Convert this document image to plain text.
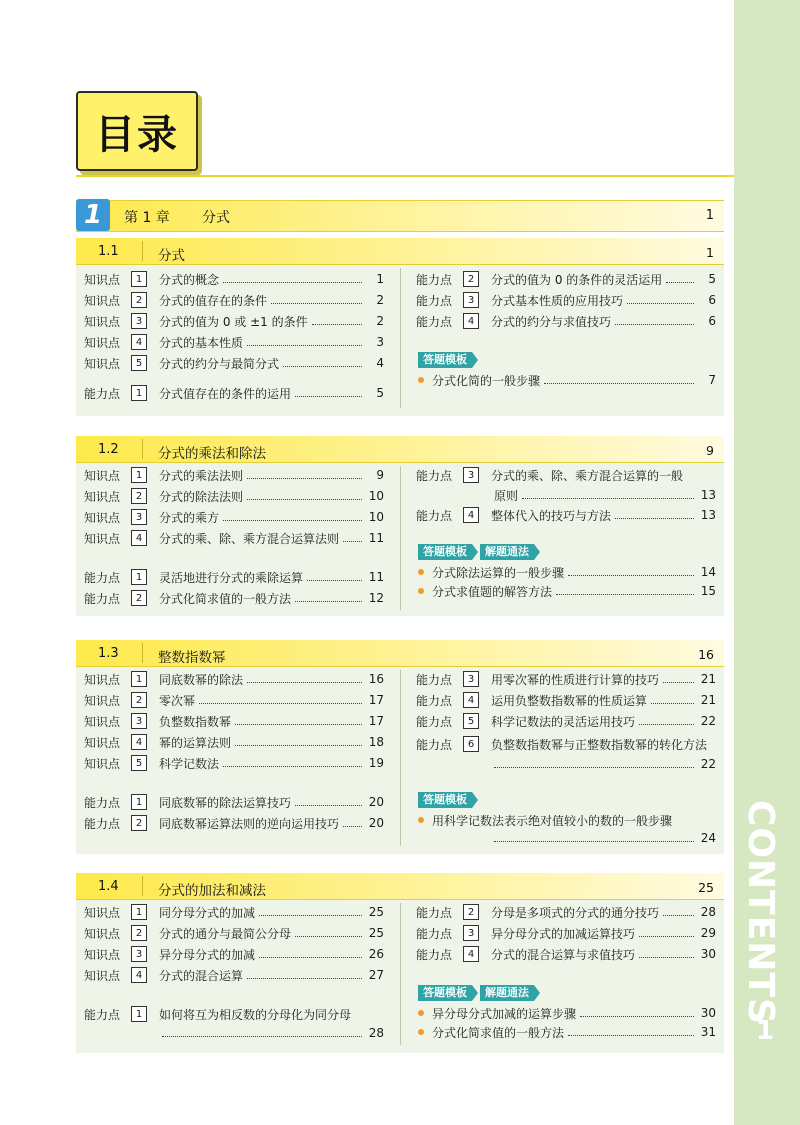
CONTENTS
1
目录
1	第 1 章 分式	1
1.1	分式	1
知识点	1	分式的概念	1
知识点	2	分式的值存在的条件	2
知识点	3	分式的值为 0 或 ±1 的条件	2
知识点	4	分式的基本性质	3
知识点	5	分式的约分与最简分式	4
能力点	1	分式值存在的条件的运用	5
能力点	2	分式的值为 0 的条件的灵活运用	5
能力点	3	分式基本性质的应用技巧	6
能力点	4	分式的约分与求值技巧	6
答题模板
分式化简的一般步骤	7
1.2	分式的乘法和除法	9
知识点	1	分式的乘法法则	9
知识点	2	分式的除法法则	10
知识点	3	分式的乘方	10
知识点	4	分式的乘、除、乘方混合运算法则 11
能力点	1	灵活地进行分式的乘除运算	11
能力点	2	分式化简求值的一般方法	12
能力点	3	分式的乘、除、乘方混合运算的一般
原则	13
能力点	4	整体代入的技巧与方法	13
答题模板	解题通法
分式除法运算的一般步骤	14
分式求值题的解答方法	15
1.3	整数指数幂	16
知识点	1	同底数幂的除法	16
知识点	2	零次幂	17
知识点	3	负整数指数幂	17
知识点	4	幂的运算法则	18
知识点	5	科学记数法	19
能力点	1	同底数幂的除法运算技巧	20
能力点	2	同底数幂运算法则的逆向运用技巧 20
能力点	3	用零次幂的性质进行计算的技巧	21
能力点	4	运用负整数指数幂的性质运算	21
能力点	5	科学记数法的灵活运用技巧	22
能力点	6	负整数指数幂与正整数指数幂的转化方法
22
答题模板
用科学记数法表示绝对值较小的数的一般步骤
24
1.4	分式的加法和减法	25
知识点	1	同分母分式的加减	25
知识点	2	分式的通分与最简公分母	25
知识点	3	异分母分式的加减	26
知识点	4	分式的混合运算	27
能力点	1	如何将互为相反数的分母化为同分母
28
能力点	2	分母是多项式的分式的通分技巧	28
能力点	3	异分母分式的加减运算技巧	29
能力点	4	分式的混合运算与求值技巧	30
答题模板	解题通法
异分母分式加减的运算步骤	30
分式化简求值的一般方法	31
